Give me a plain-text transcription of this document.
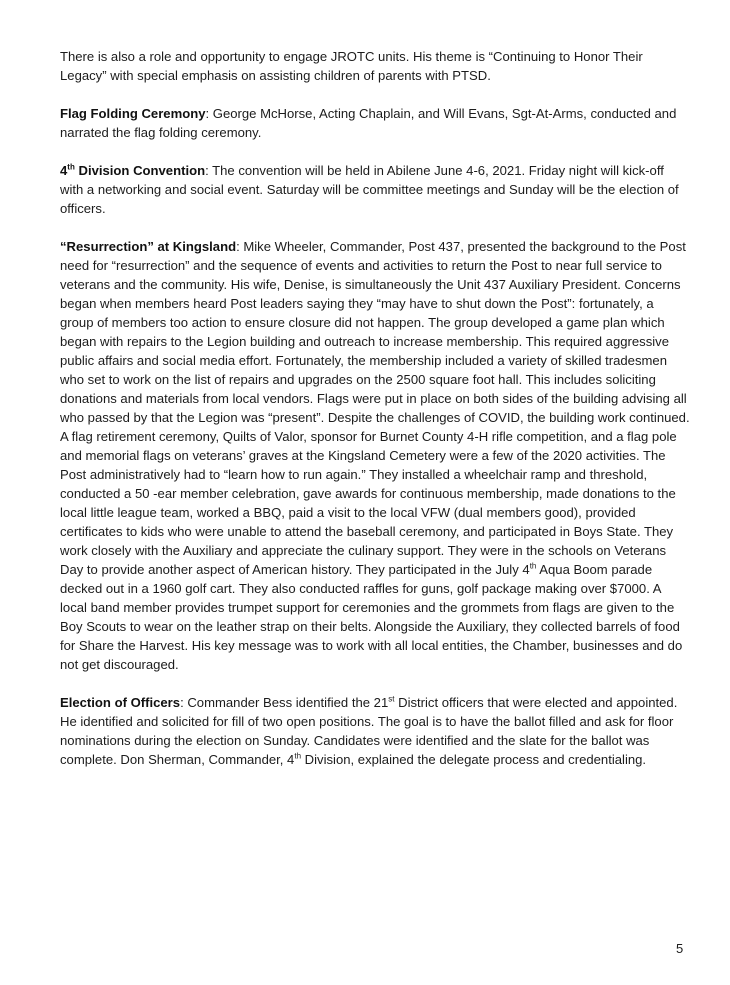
There is also a role and opportunity to engage JROTC units. His theme is “Continuing to Honor Their Legacy” with special emphasis on assisting children of parents with PTSD.

Flag Folding Ceremony: George McHorse, Acting Chaplain, and Will Evans, Sgt-At-Arms, conducted and narrated the flag folding ceremony.

4th Division Convention: The convention will be held in Abilene June 4-6, 2021. Friday night will kick-off with a networking and social event. Saturday will be committee meetings and Sunday will be the election of officers.

“Resurrection” at Kingsland: Mike Wheeler, Commander, Post 437, presented the background to the Post need for “resurrection” and the sequence of events and activities to return the Post to near full service to veterans and the community. His wife, Denise, is simultaneously the Unit 437 Auxiliary President. Concerns began when members heard Post leaders saying they “may have to shut down the Post”: fortunately, a group of members too action to ensure closure did not happen. The group developed a game plan which began with repairs to the Legion building and outreach to increase membership. This required aggressive public affairs and social media effort. Fortunately, the membership included a variety of skilled tradesmen who set to work on the list of repairs and upgrades on the 2500 square foot hall. This includes soliciting donations and materials from local vendors. Flags were put in place on both sides of the building advising all who passed by that the Legion was “present”. Despite the challenges of COVID, the building work continued. A flag retirement ceremony, Quilts of Valor, sponsor for Burnet County 4-H rifle competition, and a flag pole and memorial flags on veterans’ graves at the Kingsland Cemetery were a few of the 2020 activities. The Post administratively had to “learn how to run again.” They installed a wheelchair ramp and threshold, conducted a 50 -ear member celebration, gave awards for continuous membership, made donations to the local little league team, worked a BBQ, paid a visit to the local VFW (dual members good), provided certificates to kids who were unable to attend the baseball ceremony, and participated in Boys State. They work closely with the Auxiliary and appreciate the culinary support. They were in the schools on Veterans Day to provide another aspect of American history. They participated in the July 4th Aqua Boom parade decked out in a 1960 golf cart. They also conducted raffles for guns, golf package making over $7000. A local band member provides trumpet support for ceremonies and the grommets from flags are given to the Boy Scouts to wear on the leather strap on their belts. Alongside the Auxiliary, they collected barrels of food for Share the Harvest. His key message was to work with all local entities, the Chamber, businesses and do not get discouraged.

Election of Officers: Commander Bess identified the 21st District officers that were elected and appointed. He identified and solicited for fill of two open positions. The goal is to have the ballot filled and ask for floor nominations during the election on Sunday. Candidates were identified and the slate for the ballot was complete. Don Sherman, Commander, 4th Division, explained the delegate process and credentialing.

5
